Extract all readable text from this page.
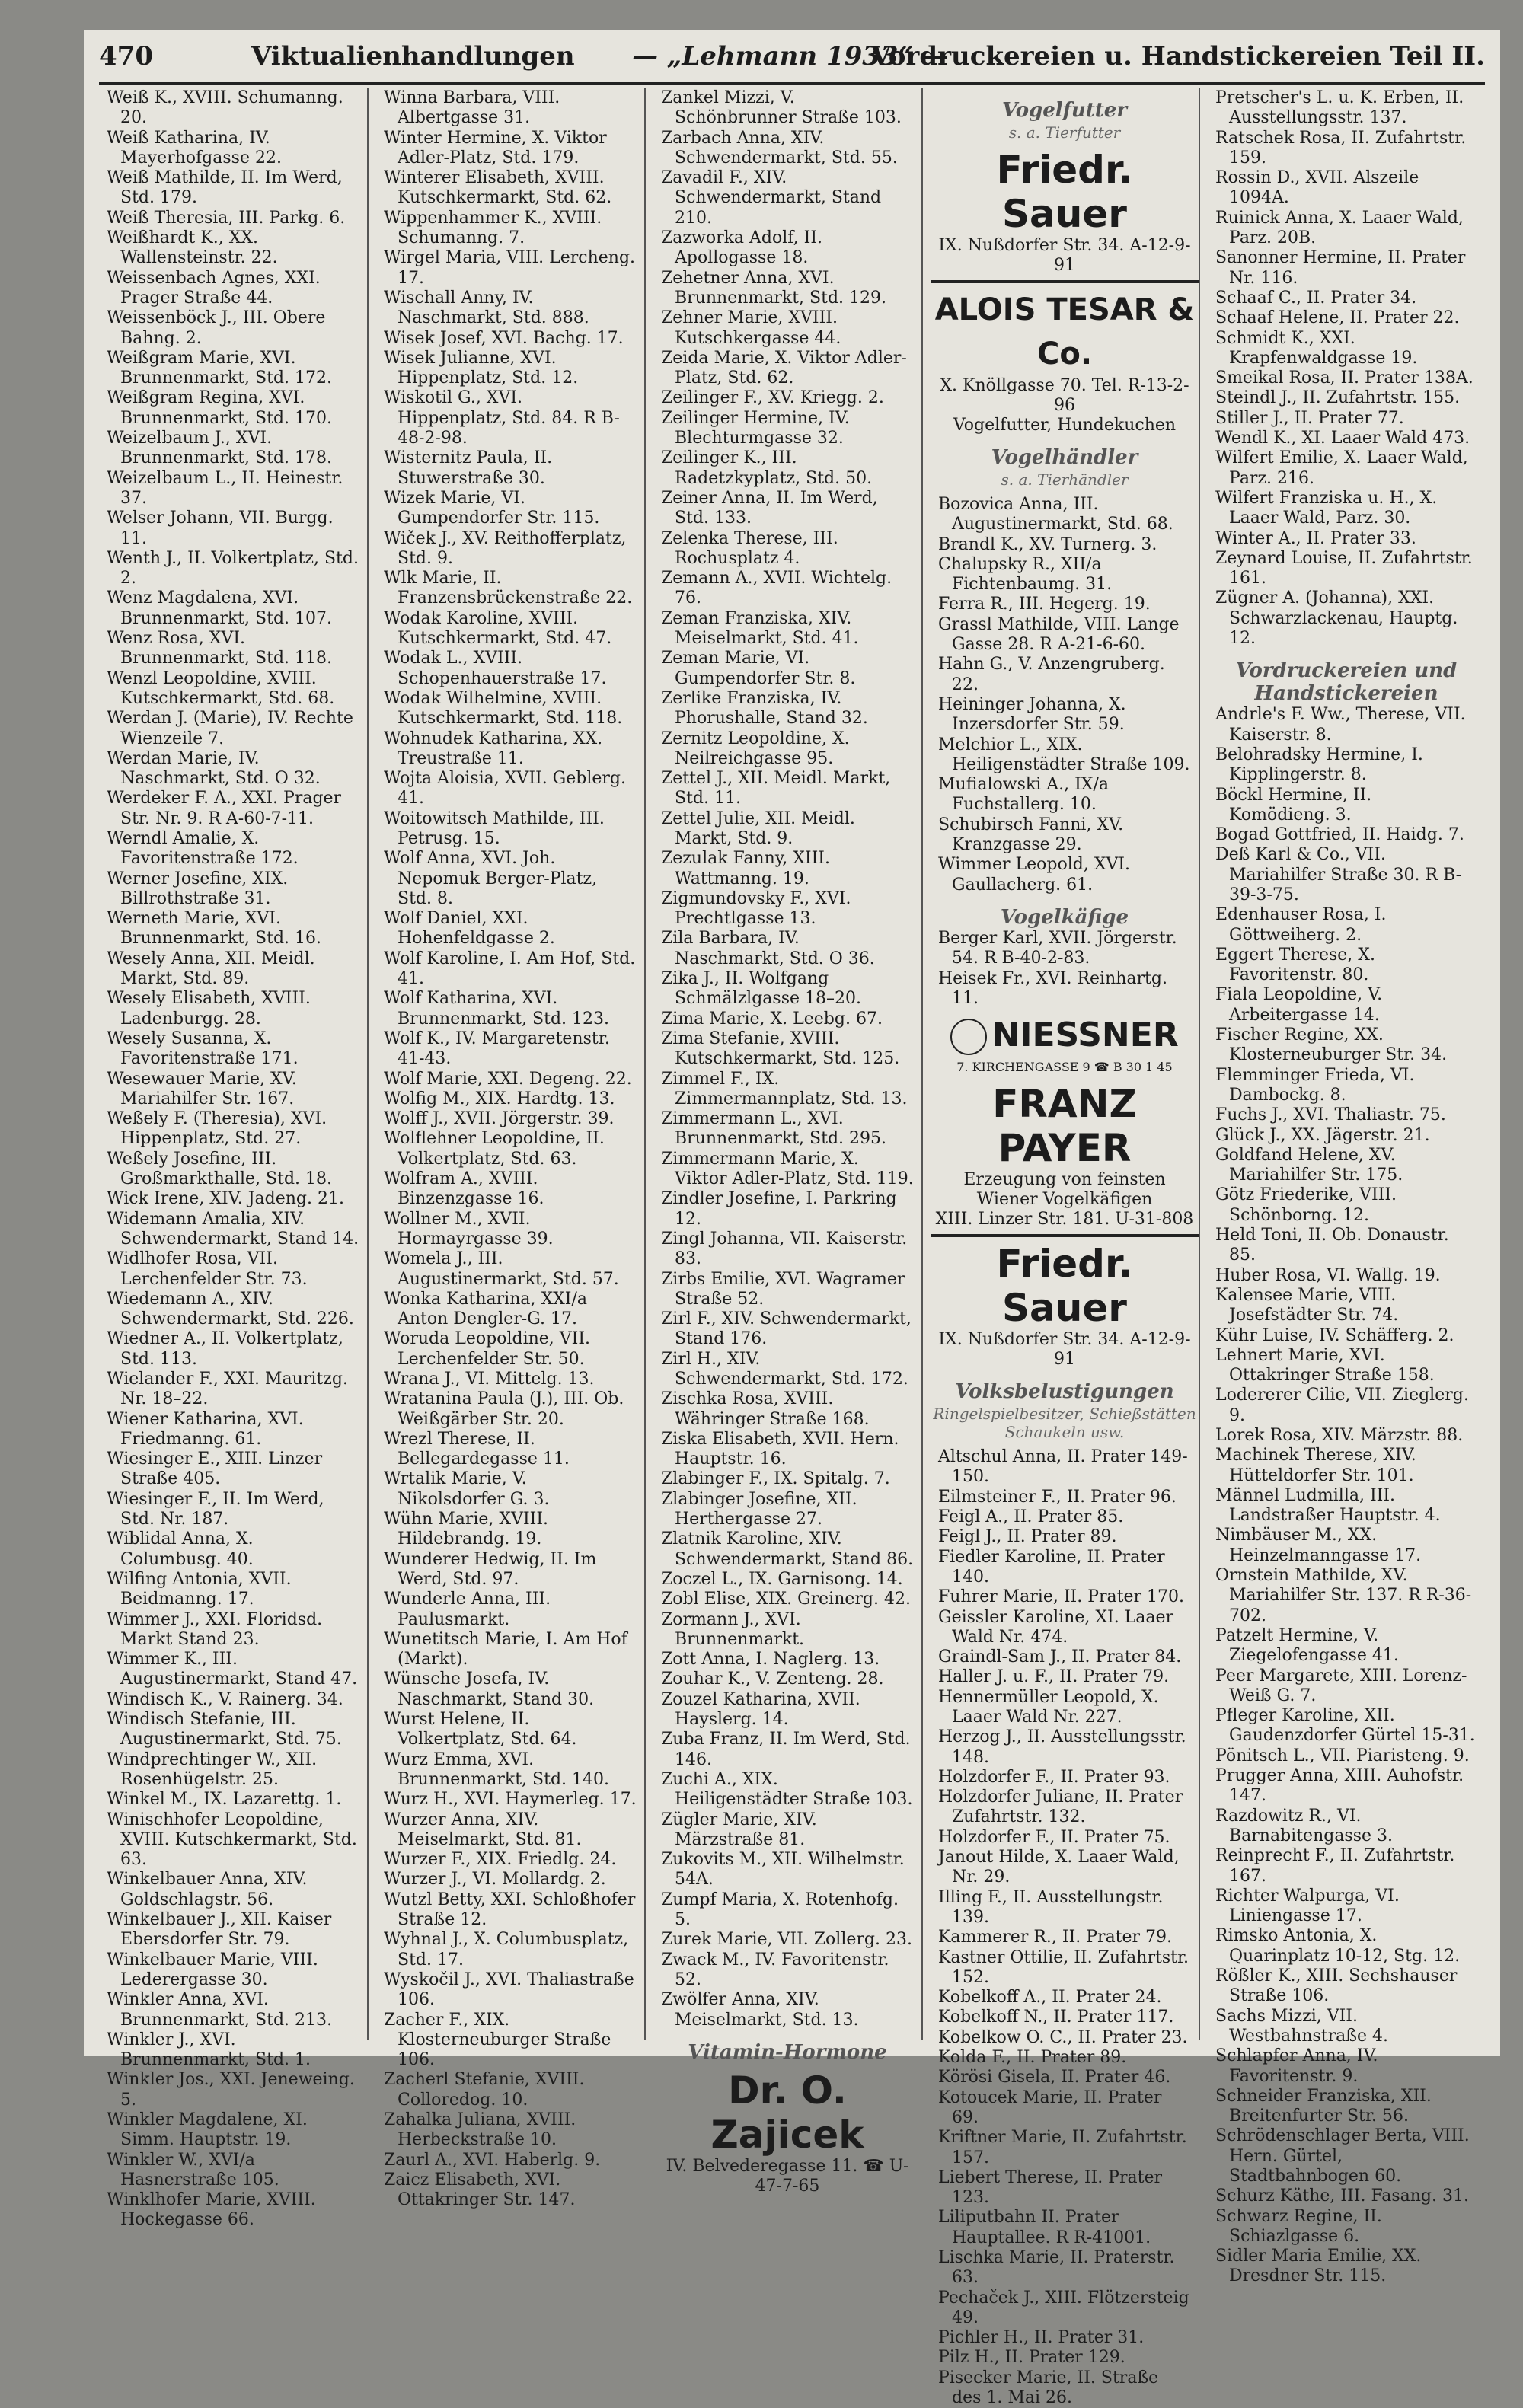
470	Viktualienhandlungen — „Lehmann 1933“ —
Vordruckereien u. Handstickereien Teil II.

Weiß K., XVIII. Schumanng. 20.

Weiß Katharina, IV. Mayerhofgasse 22.

Weiß Mathilde, II. Im Werd, Std. 179.

Weiß Theresia, III. Parkg. 6.

Weißhardt K., XX. Wallensteinstr. 22.

Weissenbach Agnes, XXI. Prager Straße 44.

Weissenböck J., III. Obere Bahng. 2.

Weißgram Marie, XVI. Brunnenmarkt, Std. 172.

Weißgram Regina, XVI. Brunnenmarkt, Std. 170.

Weizelbaum J., XVI. Brunnenmarkt, Std. 178.

Weizelbaum L., II. Heinestr. 37.

Welser Johann, VII. Burgg. 11.

Wenth J., II. Volkertplatz, Std. 2.

Wenz Magdalena, XVI. Brunnenmarkt, Std. 107.

Wenz Rosa, XVI. Brunnenmarkt, Std. 118.

Wenzl Leopoldine, XVIII. Kutschkermarkt, Std. 68.

Werdan J. (Marie), IV. Rechte Wienzeile 7.

Werdan Marie, IV. Naschmarkt, Std. O 32.

Werdeker F. A., XXI. Prager Str. Nr. 9. R A-60-7-11.

Werndl Amalie, X. Favoritenstraße 172.

Werner Josefine, XIX. Billrothstraße 31.

Werneth Marie, XVI. Brunnenmarkt, Std. 16.

Wesely Anna, XII. Meidl. Markt, Std. 89.

Wesely Elisabeth, XVIII. Ladenburgg. 28.

Wesely Susanna, X. Favoritenstraße 171.

Wesewauer Marie, XV. Mariahilfer Str. 167.

Weßely F. (Theresia), XVI. Hippenplatz, Std. 27.

Weßely Josefine, III. Großmarkthalle, Std. 18.

Wick Irene, XIV. Jadeng. 21.

Widemann Amalia, XIV. Schwendermarkt, Stand 14.

Widlhofer Rosa, VII. Lerchenfelder Str. 73.

Wiedemann A., XIV. Schwendermarkt, Std. 226.

Wiedner A., II. Volkertplatz, Std. 113.

Wielander F., XXI. Mauritzg. Nr. 18–22.

Wiener Katharina, XVI. Friedmanng. 61.

Wiesinger E., XIII. Linzer Straße 405.

Wiesinger F., II. Im Werd, Std. Nr. 187.

Wiblidal Anna, X. Columbusg. 40.

Wilfing Antonia, XVII. Beidmanng. 17.

Wimmer J., XXI. Floridsd. Markt Stand 23.

Wimmer K., III. Augustinermarkt, Stand 47.

Windisch K., V. Rainerg. 34.

Windisch Stefanie, III. Augustinermarkt, Std. 75.

Windprechtinger W., XII. Rosenhügelstr. 25.

Winkel M., IX. Lazarettg. 1.

Winischhofer Leopoldine, XVIII. Kutschkermarkt, Std. 63.

Winkelbauer Anna, XIV. Goldschlagstr. 56.

Winkelbauer J., XII. Kaiser Ebersdorfer Str. 79.

Winkelbauer Marie, VIII. Lederergasse 30.

Winkler Anna, XVI. Brunnenmarkt, Std. 213.

Winkler J., XVI. Brunnenmarkt, Std. 1.

Winkler Jos., XXI. Jeneweing. 5.

Winkler Magdalene, XI. Simm. Hauptstr. 19.

Winkler W., XVI/a Hasnerstraße 105.

Winklhofer Marie, XVIII. Hockegasse 66.

Winna Barbara, VIII. Albertgasse 31.

Winter Hermine, X. Viktor Adler-Platz, Std. 179.

Winterer Elisabeth, XVIII. Kutschkermarkt, Std. 62.

Wippenhammer K., XVIII. Schumanng. 7.

Wirgel Maria, VIII. Lercheng. 17.

Wischall Anny, IV. Naschmarkt, Std. 888.

Wisek Josef, XVI. Bachg. 17.

Wisek Julianne, XVI. Hippenplatz, Std. 12.

Wiskotil G., XVI. Hippenplatz, Std. 84. R B-48-2-98.

Wisternitz Paula, II. Stuwerstraße 30.

Wizek Marie, VI. Gumpendorfer Str. 115.

Wiček J., XV. Reithofferplatz, Std. 9.

Wlk Marie, II. Franzensbrückenstraße 22.

Wodak Karoline, XVIII. Kutschkermarkt, Std. 47.

Wodak L., XVIII. Schopenhauerstraße 17.

Wodak Wilhelmine, XVIII. Kutschkermarkt, Std. 118.

Wohnudek Katharina, XX. Treustraße 11.

Wojta Aloisia, XVII. Geblerg. 41.

Woitowitsch Mathilde, III. Petrusg. 15.

Wolf Anna, XVI. Joh. Nepomuk Berger-Platz, Std. 8.

Wolf Daniel, XXI. Hohenfeldgasse 2.

Wolf Karoline, I. Am Hof, Std. 41.

Wolf Katharina, XVI. Brunnenmarkt, Std. 123.

Wolf K., IV. Margaretenstr. 41-43.

Wolf Marie, XXI. Degeng. 22.

Wolfig M., XIX. Hardtg. 13.

Wolff J., XVII. Jörgerstr. 39.

Wolflehner Leopoldine, II. Volkertplatz, Std. 63.

Wolfram A., XVIII. Binzenzgasse 16.

Wollner M., XVII. Hormayrgasse 39.

Womela J., III. Augustinermarkt, Std. 57.

Wonka Katharina, XXI/a Anton Dengler-G. 17.

Woruda Leopoldine, VII. Lerchenfelder Str. 50.

Wrana J., VI. Mittelg. 13.

Wratanina Paula (J.), III. Ob. Weißgärber Str. 20.

Wrezl Therese, II. Bellegardegasse 11.

Wrtalik Marie, V. Nikolsdorfer G. 3.

Wühn Marie, XVIII. Hildebrandg. 19.

Wunderer Hedwig, II. Im Werd, Std. 97.

Wunderle Anna, III. Paulusmarkt.

Wunetitsch Marie, I. Am Hof (Markt).

Wünsche Josefa, IV. Naschmarkt, Stand 30.

Wurst Helene, II. Volkertplatz, Std. 64.

Wurz Emma, XVI. Brunnenmarkt, Std. 140.

Wurz H., XVI. Haymerleg. 17.

Wurzer Anna, XIV. Meiselmarkt, Std. 81.

Wurzer F., XIX. Friedlg. 24.

Wurzer J., VI. Mollardg. 2.

Wutzl Betty, XXI. Schloßhofer Straße 12.

Wyhnal J., X. Columbusplatz, Std. 17.

Wyskočil J., XVI. Thaliastraße 106.

Zacher F., XIX. Klosterneuburger Straße 106.

Zacherl Stefanie, XVIII. Colloredog. 10.

Zahalka Juliana, XVIII. Herbeckstraße 10.

Zaurl A., XVI. Haberlg. 9.

Zaicz Elisabeth, XVI. Ottakringer Str. 147.

Zankel Mizzi, V. Schönbrunner Straße 103.

Zarbach Anna, XIV. Schwendermarkt, Std. 55.

Zavadil F., XIV. Schwendermarkt, Stand 210.

Zazworka Adolf, II. Apollogasse 18.

Zehetner Anna, XVI. Brunnenmarkt, Std. 129.

Zehner Marie, XVIII. Kutschkergasse 44.

Zeida Marie, X. Viktor Adler-Platz, Std. 62.

Zeilinger F., XV. Kriegg. 2.

Zeilinger Hermine, IV. Blechturmgasse 32.

Zeilinger K., III. Radetzkyplatz, Std. 50.

Zeiner Anna, II. Im Werd, Std. 133.

Zelenka Therese, III. Rochusplatz 4.

Zemann A., XVII. Wichtelg. 76.

Zeman Franziska, XIV. Meiselmarkt, Std. 41.

Zeman Marie, VI. Gumpendorfer Str. 8.

Zerlike Franziska, IV. Phorushalle, Stand 32.

Zernitz Leopoldine, X. Neilreichgasse 95.

Zettel J., XII. Meidl. Markt, Std. 11.

Zettel Julie, XII. Meidl. Markt, Std. 9.

Zezulak Fanny, XIII. Wattmanng. 19.

Zigmundovsky F., XVI. Prechtlgasse 13.

Zila Barbara, IV. Naschmarkt, Std. O 36.

Zika J., II. Wolfgang Schmälzlgasse 18–20.

Zima Marie, X. Leebg. 67.

Zima Stefanie, XVIII. Kutschkermarkt, Std. 125.

Zimmel F., IX. Zimmermannplatz, Std. 13.

Zimmermann L., XVI. Brunnenmarkt, Std. 295.

Zimmermann Marie, X. Viktor Adler-Platz, Std. 119.

Zindler Josefine, I. Parkring 12.

Zingl Johanna, VII. Kaiserstr. 83.

Zirbs Emilie, XVI. Wagramer Straße 52.

Zirl F., XIV. Schwendermarkt, Stand 176.

Zirl H., XIV. Schwendermarkt, Std. 172.

Zischka Rosa, XVIII. Währinger Straße 168.

Ziska Elisabeth, XVII. Hern. Hauptstr. 16.

Zlabinger F., IX. Spitalg. 7.

Zlabinger Josefine, XII. Herthergasse 27.

Zlatnik Karoline, XIV. Schwendermarkt, Stand 86.

Zoczel L., IX. Garnisong. 14.

Zobl Elise, XIX. Greinerg. 42.

Zormann J., XVI. Brunnenmarkt.

Zott Anna, I. Naglerg. 13.

Zouhar K., V. Zenteng. 28.

Zouzel Katharina, XVII. Hayslerg. 14.

Zuba Franz, II. Im Werd, Std. 146.

Zuchi A., XIX. Heiligenstädter Straße 103.

Zügler Marie, XIV. Märzstraße 81.

Zukovits M., XII. Wilhelmstr. 54A.

Zumpf Maria, X. Rotenhofg. 5.

Zurek Marie, VII. Zollerg. 23.

Zwack M., IV. Favoritenstr. 52.

Zwölfer Anna, XIV. Meiselmarkt, Std. 13.

Vitamin-Hormone
Dr. O. Zajicek
IV. Belvederegasse 11. ☎ U-47-7-65
Vogelfutter
s. a. Tierfutter
Friedr. Sauer
IX. Nußdorfer Str. 34. A-12-9-91
ALOIS TESAR & Co.
X. Knöllgasse 70. Tel. R-13-2-96
Vogelfutter, Hundekuchen
Vogelhändler
s. a. Tierhändler

Bozovica Anna, III. Augustinermarkt, Std. 68.

Brandl K., XV. Turnerg. 3.

Chalupsky R., XII/a Fichtenbaumg. 31.

Ferra R., III. Hegerg. 19.

Grassl Mathilde, VIII. Lange Gasse 28. R A-21-6-60.

Hahn G., V. Anzengruberg. 22.

Heininger Johanna, X. Inzersdorfer Str. 59.

Melchior L., XIX. Heiligenstädter Straße 109.

Mufialowski A., IX/a Fuchstallerg. 10.

Schubirsch Fanni, XV. Kranzgasse 29.

Wimmer Leopold, XVI. Gaullacherg. 61.

Vogelkäfige

Berger Karl, XVII. Jörgerstr. 54. R B-40-2-83.

Heisek Fr., XVI. Reinhartg. 11.

NIESSNER
7. KIRCHENGASSE 9 ☎ B 30 1 45
FRANZ PAYER
Erzeugung von feinsten Wiener Vogelkäfigen
XIII. Linzer Str. 181. U-31-808
Friedr. Sauer
IX. Nußdorfer Str. 34. A-12-9-91
Volksbelustigungen
Ringelspielbesitzer, Schießstätten Schaukeln usw.

Altschul Anna, II. Prater 149-150.

Eilmsteiner F., II. Prater 96.

Feigl A., II. Prater 85.

Feigl J., II. Prater 89.

Fiedler Karoline, II. Prater 140.

Fuhrer Marie, II. Prater 170.

Geissler Karoline, XI. Laaer Wald Nr. 474.

Graindl-Sam J., II. Prater 84.

Haller J. u. F., II. Prater 79.

Hennermüller Leopold, X. Laaer Wald Nr. 227.

Herzog J., II. Ausstellungsstr. 148.

Holzdorfer F., II. Prater 93.

Holzdorfer Juliane, II. Prater Zufahrtstr. 132.

Holzdorfer F., II. Prater 75.

Janout Hilde, X. Laaer Wald, Nr. 29.

Illing F., II. Ausstellungstr. 139.

Kammerer R., II. Prater 79.

Kastner Ottilie, II. Zufahrtstr. 152.

Kobelkoff A., II. Prater 24.

Kobelkoff N., II. Prater 117.

Kobelkow O. C., II. Prater 23.

Kolda F., II. Prater 89.

Körösi Gisela, II. Prater 46.

Kotoucek Marie, II. Prater 69.

Kriftner Marie, II. Zufahrtstr. 157.

Liebert Therese, II. Prater 123.

Liliputbahn II. Prater Hauptallee. R R-41001.

Lischka Marie, II. Praterstr. 63.

Pechaček J., XIII. Flötzersteig 49.

Pichler H., II. Prater 31.

Pilz H., II. Prater 129.

Pisecker Marie, II. Straße des 1. Mai 26.

Pretscher's L. u. K. Erben, II. Ausstellungsstr. 137.

Ratschek Rosa, II. Zufahrtstr. 159.

Rossin D., XVII. Alszeile 1094A.

Ruinick Anna, X. Laaer Wald, Parz. 20B.

Sanonner Hermine, II. Prater Nr. 116.

Schaaf C., II. Prater 34.

Schaaf Helene, II. Prater 22.

Schmidt K., XXI. Krapfenwaldgasse 19.

Smeikal Rosa, II. Prater 138A.

Steindl J., II. Zufahrtstr. 155.

Stiller J., II. Prater 77.

Wendl K., XI. Laaer Wald 473.

Wilfert Emilie, X. Laaer Wald, Parz. 216.

Wilfert Franziska u. H., X. Laaer Wald, Parz. 30.

Winter A., II. Prater 33.

Zeynard Louise, II. Zufahrtstr. 161.

Zügner A. (Johanna), XXI. Schwarzlackenau, Hauptg. 12.

Vordruckereien und Handstickereien

Andrle's F. Ww., Therese, VII. Kaiserstr. 8.

Belohradsky Hermine, I. Kipplingerstr. 8.

Böckl Hermine, II. Komödieng. 3.

Bogad Gottfried, II. Haidg. 7.

Deß Karl & Co., VII. Mariahilfer Straße 30. R B-39-3-75.

Edenhauser Rosa, I. Göttweiherg. 2.

Eggert Therese, X. Favoritenstr. 80.

Fiala Leopoldine, V. Arbeitergasse 14.

Fischer Regine, XX. Klosterneuburger Str. 34.

Flemminger Frieda, VI. Dambockg. 8.

Fuchs J., XVI. Thaliastr. 75.

Glück J., XX. Jägerstr. 21.

Goldfand Helene, XV. Mariahilfer Str. 175.

Götz Friederike, VIII. Schönborng. 12.

Held Toni, II. Ob. Donaustr. 85.

Huber Rosa, VI. Wallg. 19.

Kalensee Marie, VIII. Josefstädter Str. 74.

Kühr Luise, IV. Schäfferg. 2.

Lehnert Marie, XVI. Ottakringer Straße 158.

Lodererer Cilie, VII. Zieglerg. 9.

Lorek Rosa, XIV. Märzstr. 88.

Machinek Therese, XIV. Hütteldorfer Str. 101.

Männel Ludmilla, III. Landstraßer Hauptstr. 4.

Nimbäuser M., XX. Heinzelmanngasse 17.

Ornstein Mathilde, XV. Mariahilfer Str. 137. R R-36-702.

Patzelt Hermine, V. Ziegelofengasse 41.

Peer Margarete, XIII. Lorenz-Weiß G. 7.

Pfleger Karoline, XII. Gaudenzdorfer Gürtel 15-31.

Pönitsch L., VII. Piaristeng. 9.

Prugger Anna, XIII. Auhofstr. 147.

Razdowitz R., VI. Barnabitengasse 3.

Reinprecht F., II. Zufahrtstr. 167.

Richter Walpurga, VI. Liniengasse 17.

Rimsko Antonia, X. Quarinplatz 10-12, Stg. 12.

Rößler K., XIII. Sechshauser Straße 106.

Sachs Mizzi, VII. Westbahnstraße 4.

Schlapfer Anna, IV. Favoritenstr. 9.

Schneider Franziska, XII. Breitenfurter Str. 56.

Schrödenschlager Berta, VIII. Hern. Gürtel, Stadtbahnbogen 60.

Schurz Käthe, III. Fasang. 31.

Schwarz Regine, II. Schiazlgasse 6.

Sidler Maria Emilie, XX. Dresdner Str. 115.
